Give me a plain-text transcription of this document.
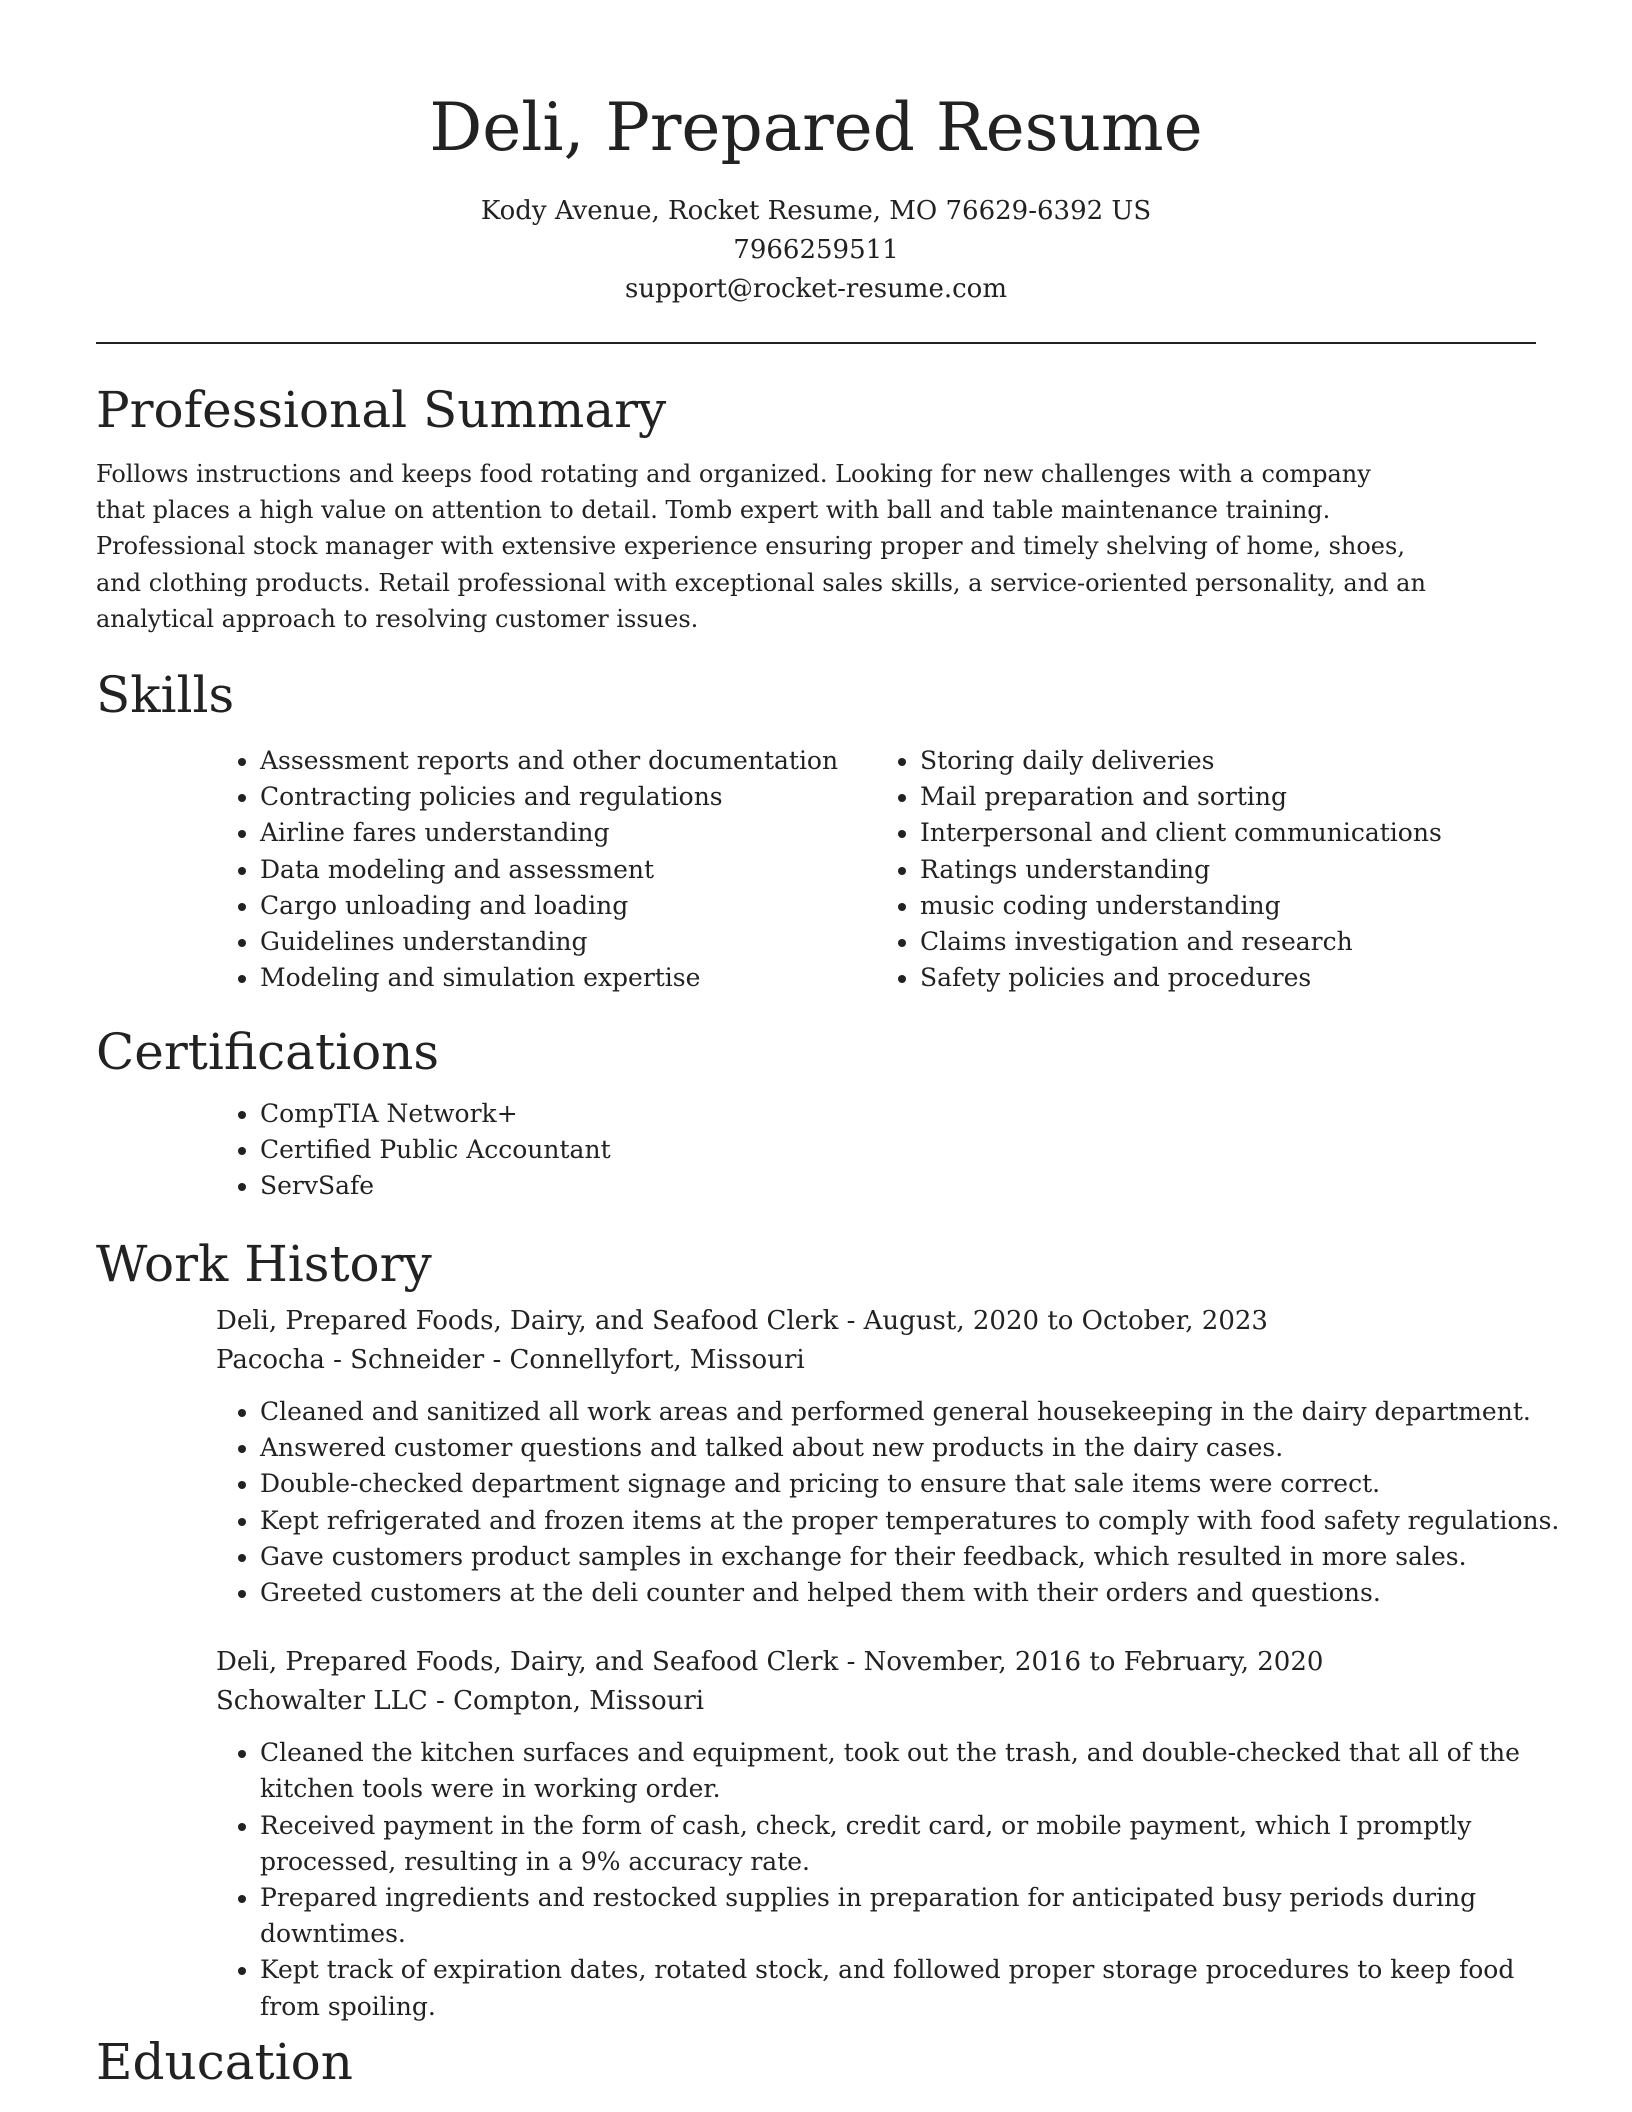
Deli, Prepared Resume
Kody Avenue, Rocket Resume, MO 76629-6392 US
7966259511
support@rocket-resume.com
Professional Summary

Follows instructions and keeps food rotating and organized. Looking for new challenges with a company that places a high value on attention to detail. Tomb expert with ball and table maintenance training. Professional stock manager with extensive experience ensuring proper and timely shelving of home, shoes, and clothing products. Retail professional with exceptional sales skills, a service-oriented personality, and an analytical approach to resolving customer issues.

Skills
• Assessment reports and other documentation
• Contracting policies and regulations
• Airline fares understanding
• Data modeling and assessment
• Cargo unloading and loading
• Guidelines understanding
• Modeling and simulation expertise
• Storing daily deliveries
• Mail preparation and sorting
• Interpersonal and client communications
• Ratings understanding
• music coding understanding
• Claims investigation and research
• Safety policies and procedures
Certifications
• CompTIA Network+
• Certified Public Accountant
• ServSafe
Work History

Deli, Prepared Foods, Dairy, and Seafood Clerk - August, 2020 to October, 2023

Pacocha - Schneider - Connellyfort, Missouri

• Cleaned and sanitized all work areas and performed general housekeeping in the dairy department.
• Answered customer questions and talked about new products in the dairy cases.
• Double-checked department signage and pricing to ensure that sale items were correct.
• Kept refrigerated and frozen items at the proper temperatures to comply with food safety regulations.
• Gave customers product samples in exchange for their feedback, which resulted in more sales.
• Greeted customers at the deli counter and helped them with their orders and questions.

Deli, Prepared Foods, Dairy, and Seafood Clerk - November, 2016 to February, 2020

Schowalter LLC - Compton, Missouri

• Cleaned the kitchen surfaces and equipment, took out the trash, and double-checked that all of the kitchen tools were in working order.
• Received payment in the form of cash, check, credit card, or mobile payment, which I promptly processed, resulting in a 9% accuracy rate.
• Prepared ingredients and restocked supplies in preparation for anticipated busy periods during downtimes.
• Kept track of expiration dates, rotated stock, and followed proper storage procedures to keep food from spoiling.
Education
